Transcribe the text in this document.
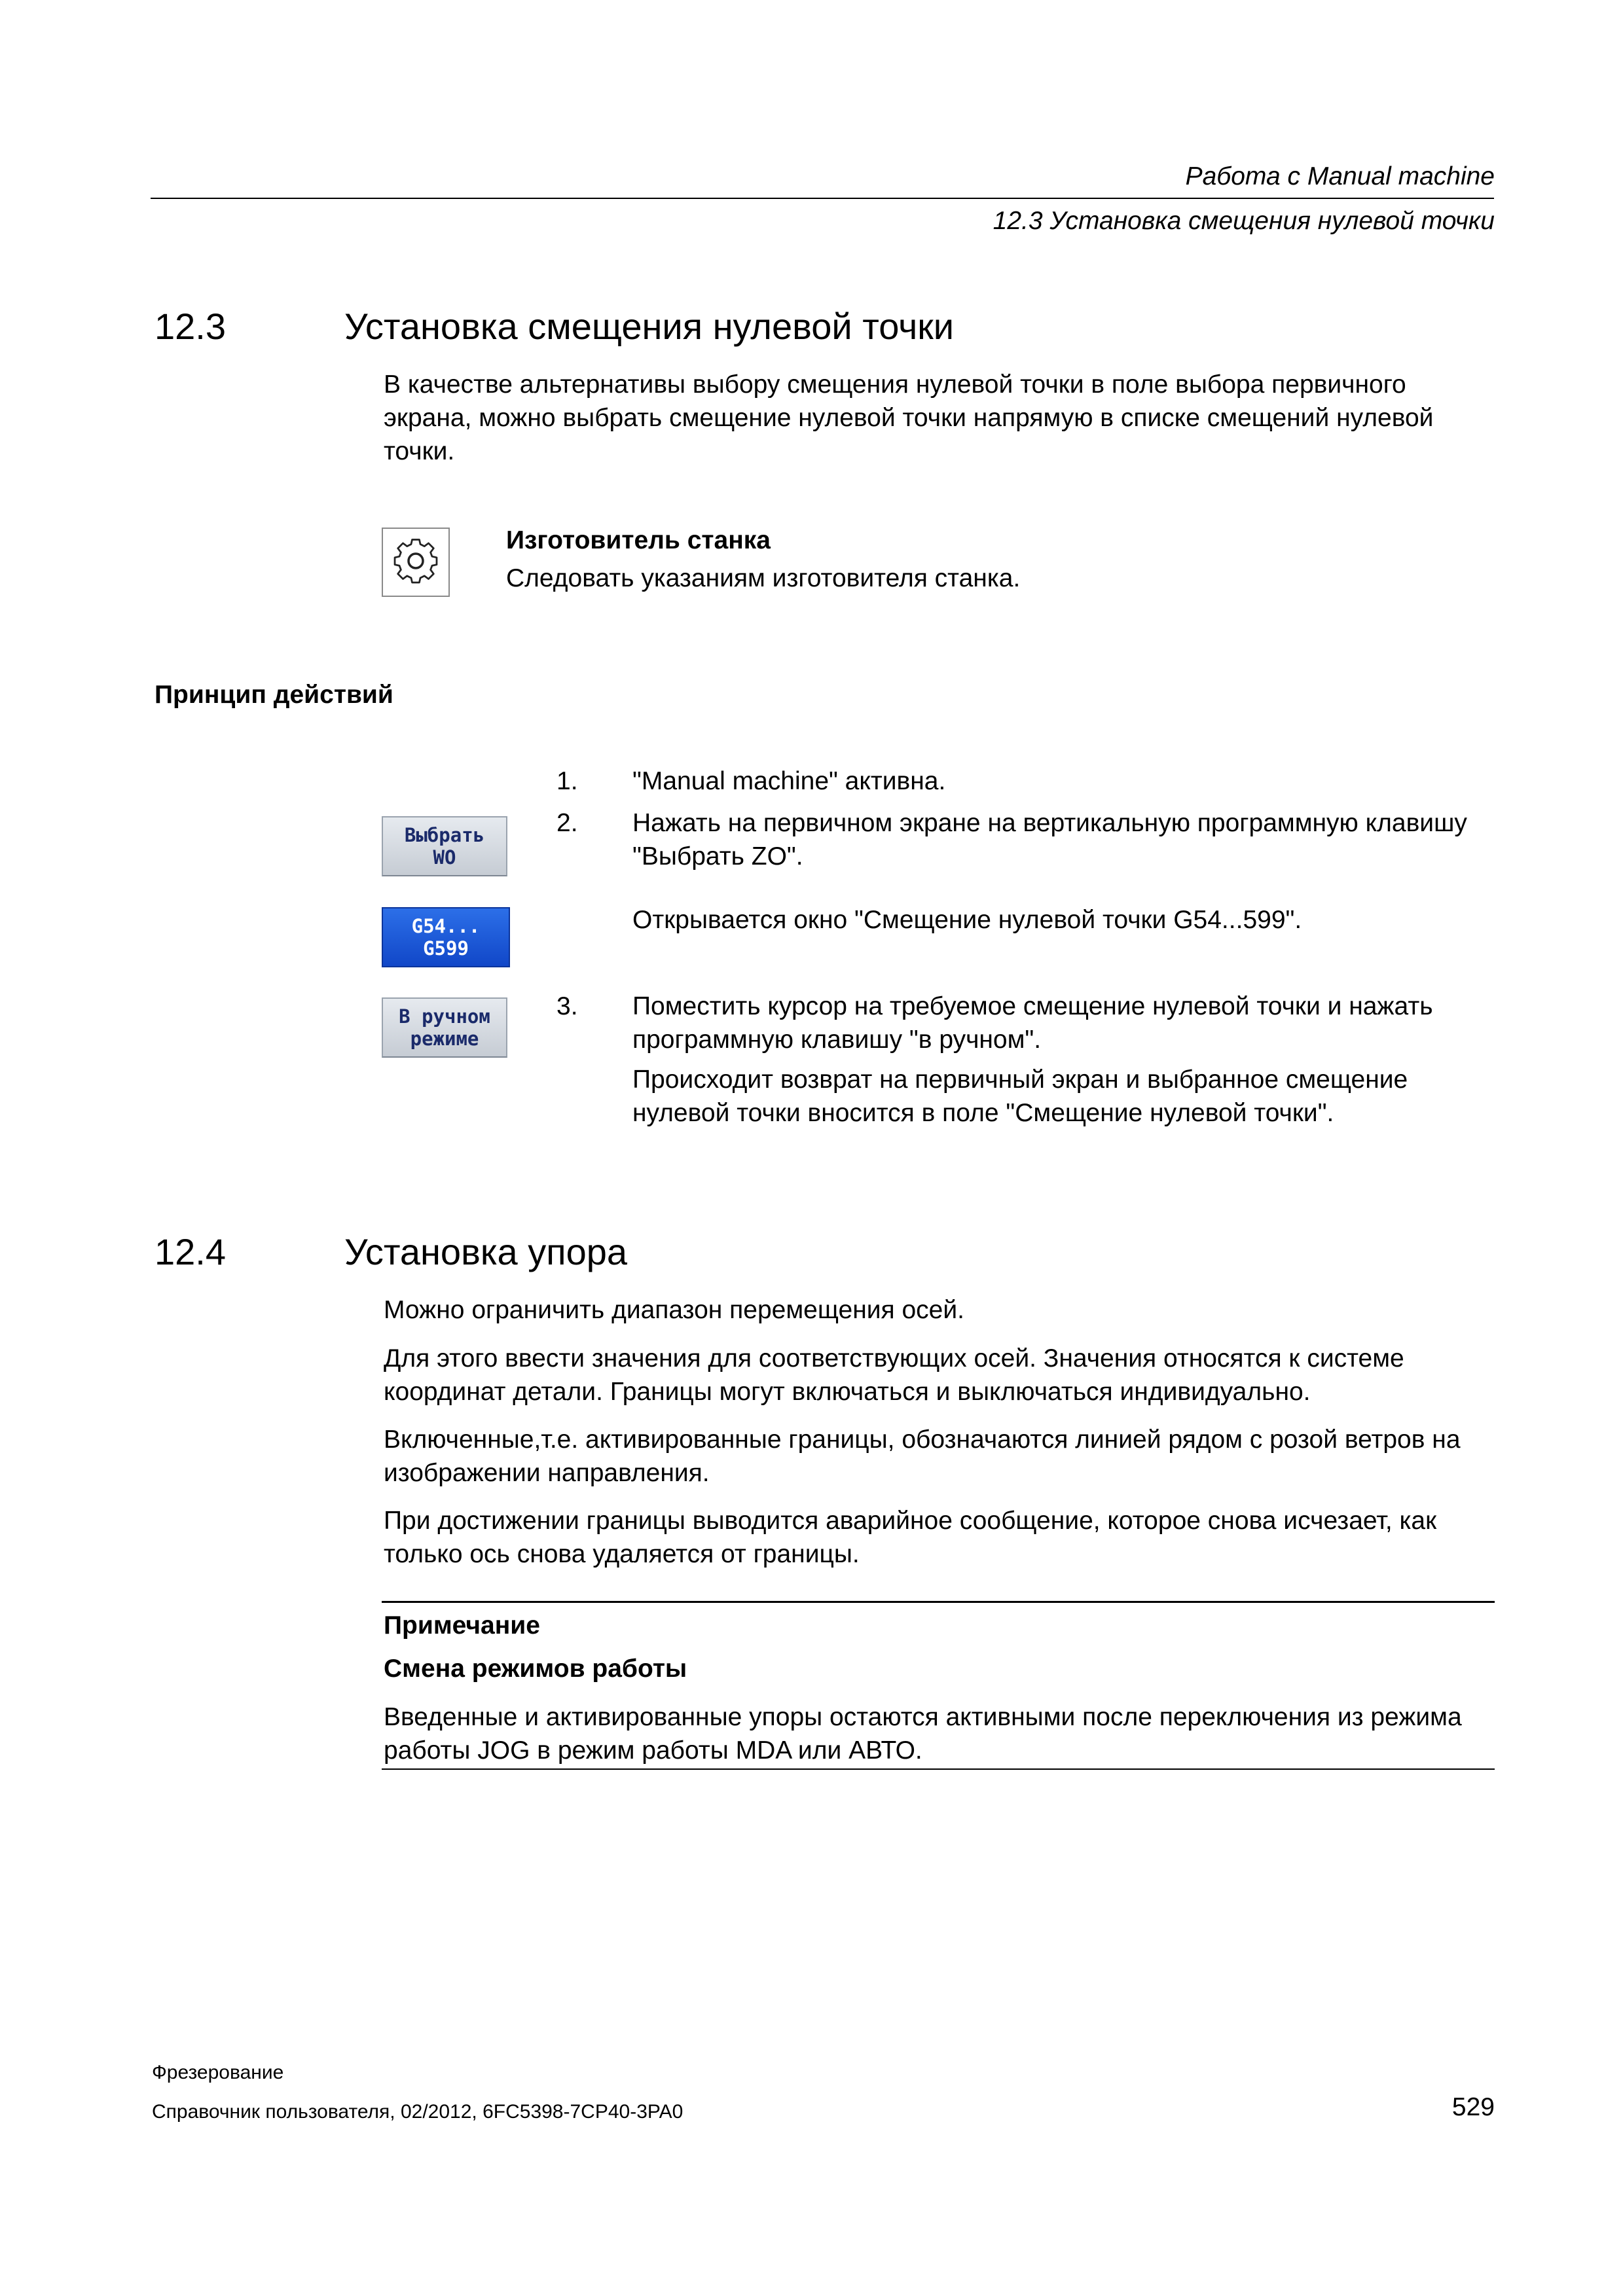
Работа с Manual machine
12.3 Установка смещения нулевой точки
12.3	Установка смещения нулевой точки

В качестве альтернативы выбору смещения нулевой точки в поле выбора первичного экрана, можно выбрать смещение нулевой точки напрямую в списке смещений нулевой точки.

Изготовитель станка
Следовать указаниям изготовителя станка.
Принцип действий
Выбрать
WO
G54...
G599
В ручном
режиме
1. "Manual machine" активна.
2. Нажать на первичном экране на вертикальную программную клавишу "Выбрать ZO".
Открывается окно "Смещение нулевой точки G54...599".
3. Поместить курсор на требуемое смещение нулевой точки и нажать программную клавишу "в ручном".
Происходит возврат на первичный экран и выбранное смещение нулевой точки вносится в поле "Смещение нулевой точки".
12.4	Установка упора

Можно ограничить диапазон перемещения осей.

Для этого ввести значения для соответствующих осей. Значения относятся к системе координат детали. Границы могут включаться и выключаться индивидуально.

Включенные,т.е. активированные границы, обозначаются линией рядом с розой ветров на изображении направления.

При достижении границы выводится аварийное сообщение, которое снова исчезает, как только ось снова удаляется от границы.

Примечание
Смена режимов работы

Введенные и активированные упоры остаются активными после переключения из режима работы JOG в режим работы MDA или АВТО.

Фрезерование
Справочник пользователя, 02/2012, 6FC5398-7CP40-3PA0	529
